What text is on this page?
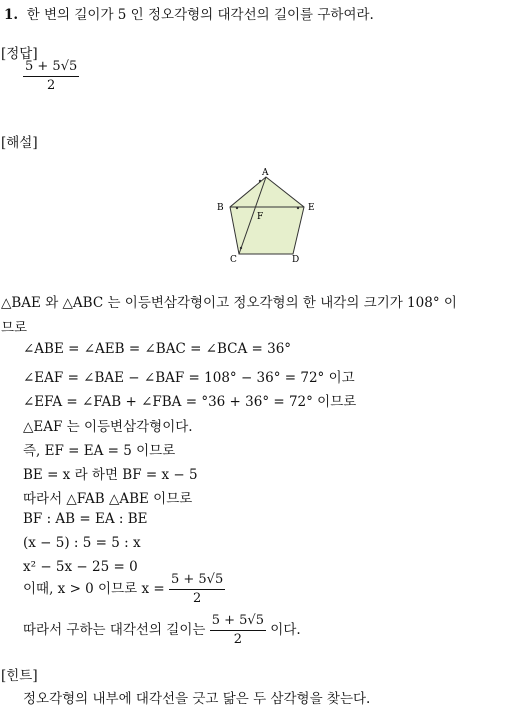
1. 한 변의 길이가 5 인 정오각형의 대각선의 길이를 구하여라.
[정답]
$\frac{5 + 5√5}{2}$
[해설]
A
B	E
C	D
F
△BAE 와 △ABC 는 이등변삼각형이고 정오각형의 한 내각의 크기가 108° 이
므로
∠ABE = ∠AEB = ∠BAC = ∠BCA = 36°
∠EAF = ∠BAE − ∠BAF = 108° − 36° = 72° 이고
∠EFA = ∠FAB + ∠FBA = °36 + 36° = 72° 이므로
△EAF 는 이등변삼각형이다.
즉, EF = EA = 5 이므로
BE = x 라 하면 BF = x − 5
따라서 △FAB △ABE 이므로
BF : AB = EA : BE
(x − 5) : 5 = 5 : x
x² − 5x − 25 = 0
이때, x > 0 이므로 $x = \frac{5 + 5√5}{2}$
따라서 구하는 대각선의 길이는 $\frac{5 + 5√5}{2}$ 이다.
[힌트]
정오각형의 내부에 대각선을 긋고 닮은 두 삼각형을 찾는다.
